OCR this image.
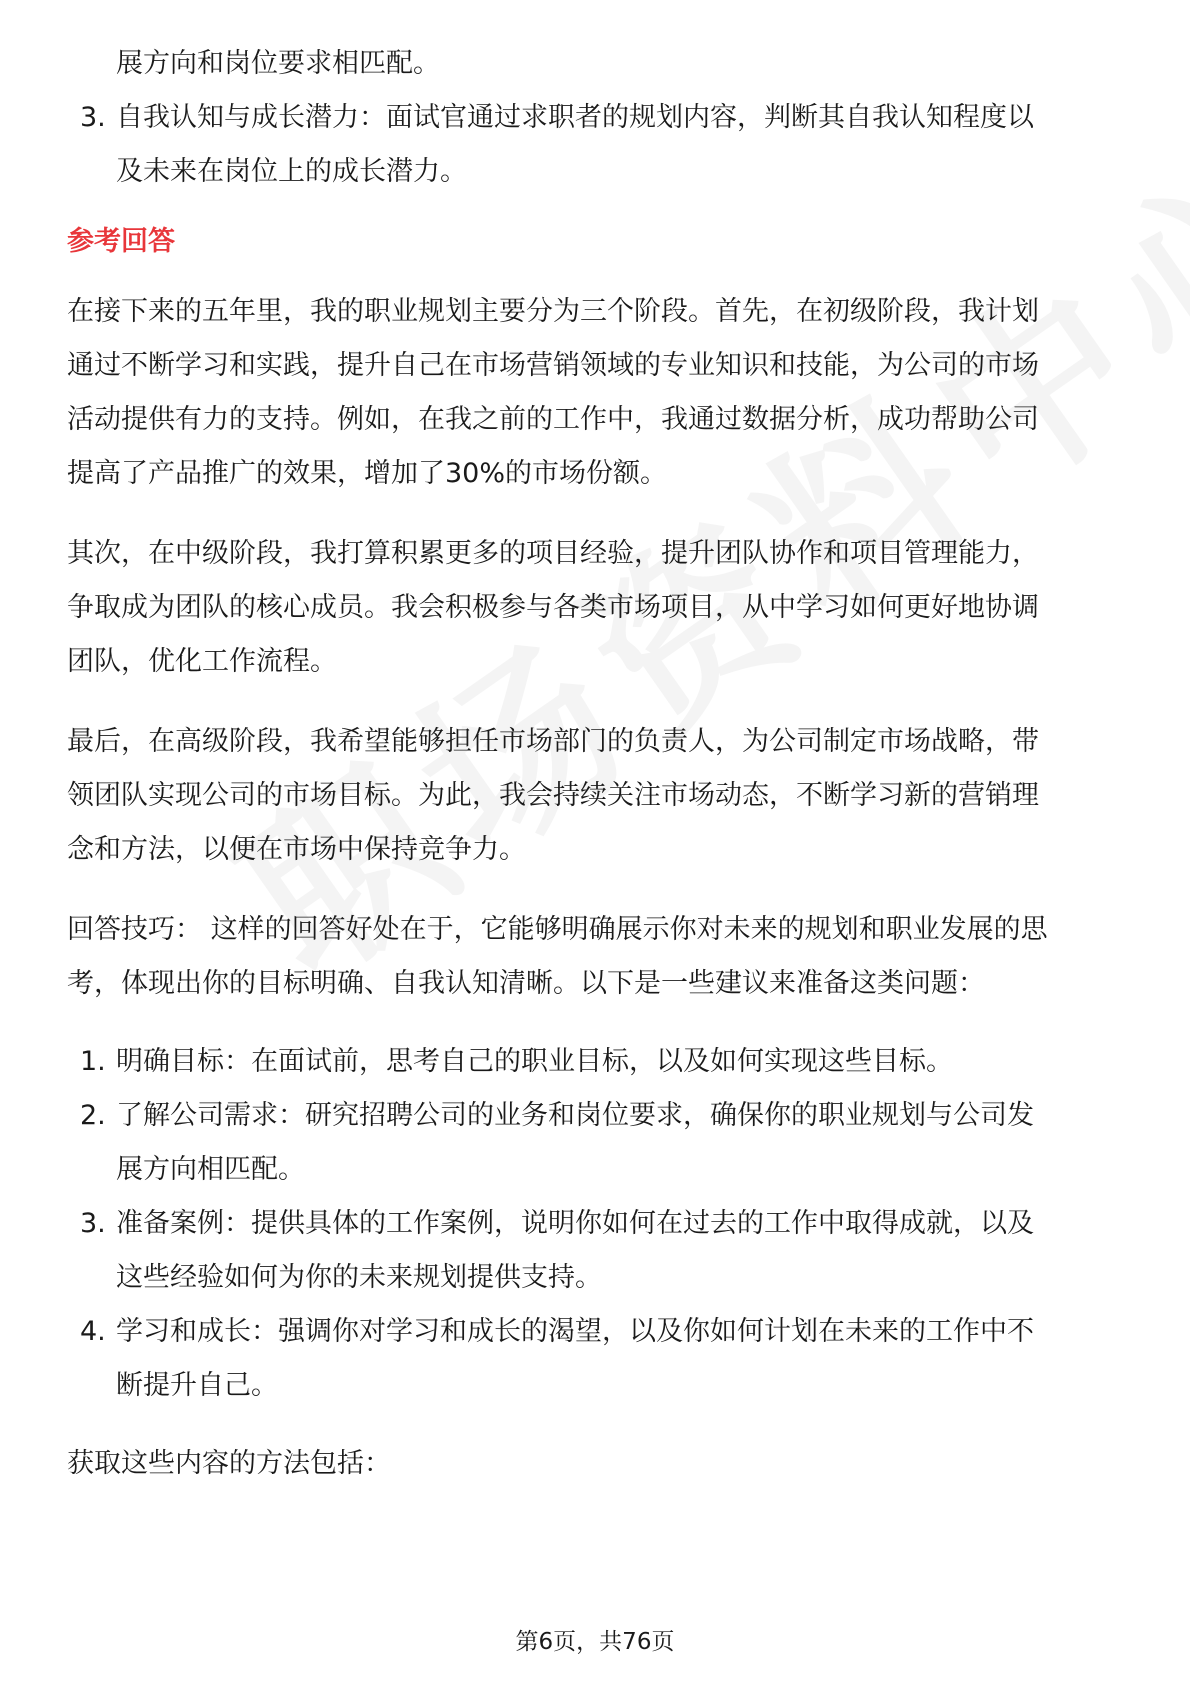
展方向和岗位要求相匹配。

3. 自我认知与成长潜力：面试官通过求职者的规划内容，判断其自我认知程度以

及未来在岗位上的成长潜力。

参考回答

在接下来的五年里，我的职业规划主要分为三个阶段。首先，在初级阶段，我计划

通过不断学习和实践，提升自己在市场营销领域的专业知识和技能，为公司的市场

活动提供有力的支持。例如，在我之前的工作中，我通过数据分析，成功帮助公司

提高了产品推广的效果，增加了30%的市场份额。

其次，在中级阶段，我打算积累更多的项目经验，提升团队协作和项目管理能力，

争取成为团队的核心成员。我会积极参与各类市场项目，从中学习如何更好地协调

团队，优化工作流程。

最后，在高级阶段，我希望能够担任市场部门的负责人，为公司制定市场战略，带

领团队实现公司的市场目标。为此，我会持续关注市场动态，不断学习新的营销理

念和方法，以便在市场中保持竞争力。

回答技巧： 这样的回答好处在于，它能够明确展示你对未来的规划和职业发展的思

考，体现出你的目标明确、自我认知清晰。以下是一些建议来准备这类问题：

1. 明确目标：在面试前，思考自己的职业目标，以及如何实现这些目标。

2. 了解公司需求：研究招聘公司的业务和岗位要求，确保你的职业规划与公司发

展方向相匹配。

3. 准备案例：提供具体的工作案例，说明你如何在过去的工作中取得成就，以及

这些经验如何为你的未来规划提供支持。

4. 学习和成长：强调你对学习和成长的渴望，以及你如何计划在未来的工作中不

断提升自己。

获取这些内容的方法包括：

第6页，共76页
